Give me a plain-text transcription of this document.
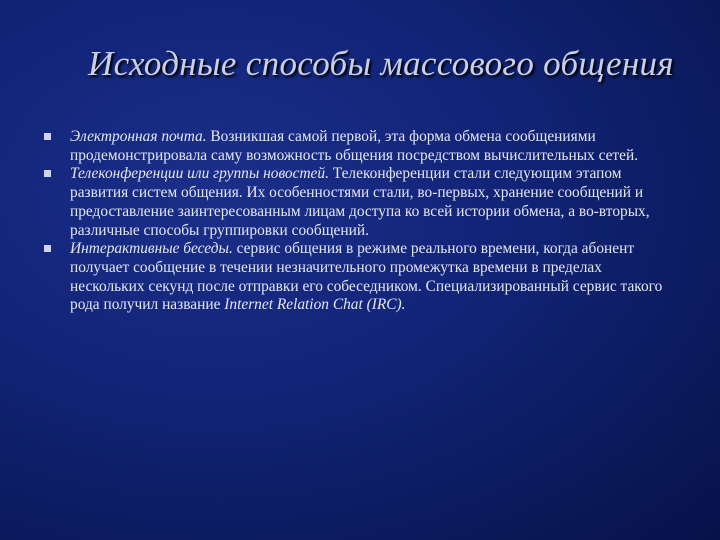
Исходные способы массового общения
Электронная почта. Возникшая самой первой, эта форма обмена сообщениями продемонстрировала саму возможность общения посредством вычислительных сетей.
Телеконференции или группы новостей. Телеконференции стали следующим этапом развития систем общения. Их особенностями стали, во-первых, хранение сообщений и предоставление заинтересованным лицам доступа ко всей истории обмена, а во-вторых, различные способы группировки сообщений.
Интерактивные беседы. сервис общения в режиме реального времени, когда абонент получает сообщение в течении незначительного промежутка времени в пределах нескольких секунд после отправки его собеседником. Специализированный сервис такого рода получил название Internet Relation Chat (IRC).
